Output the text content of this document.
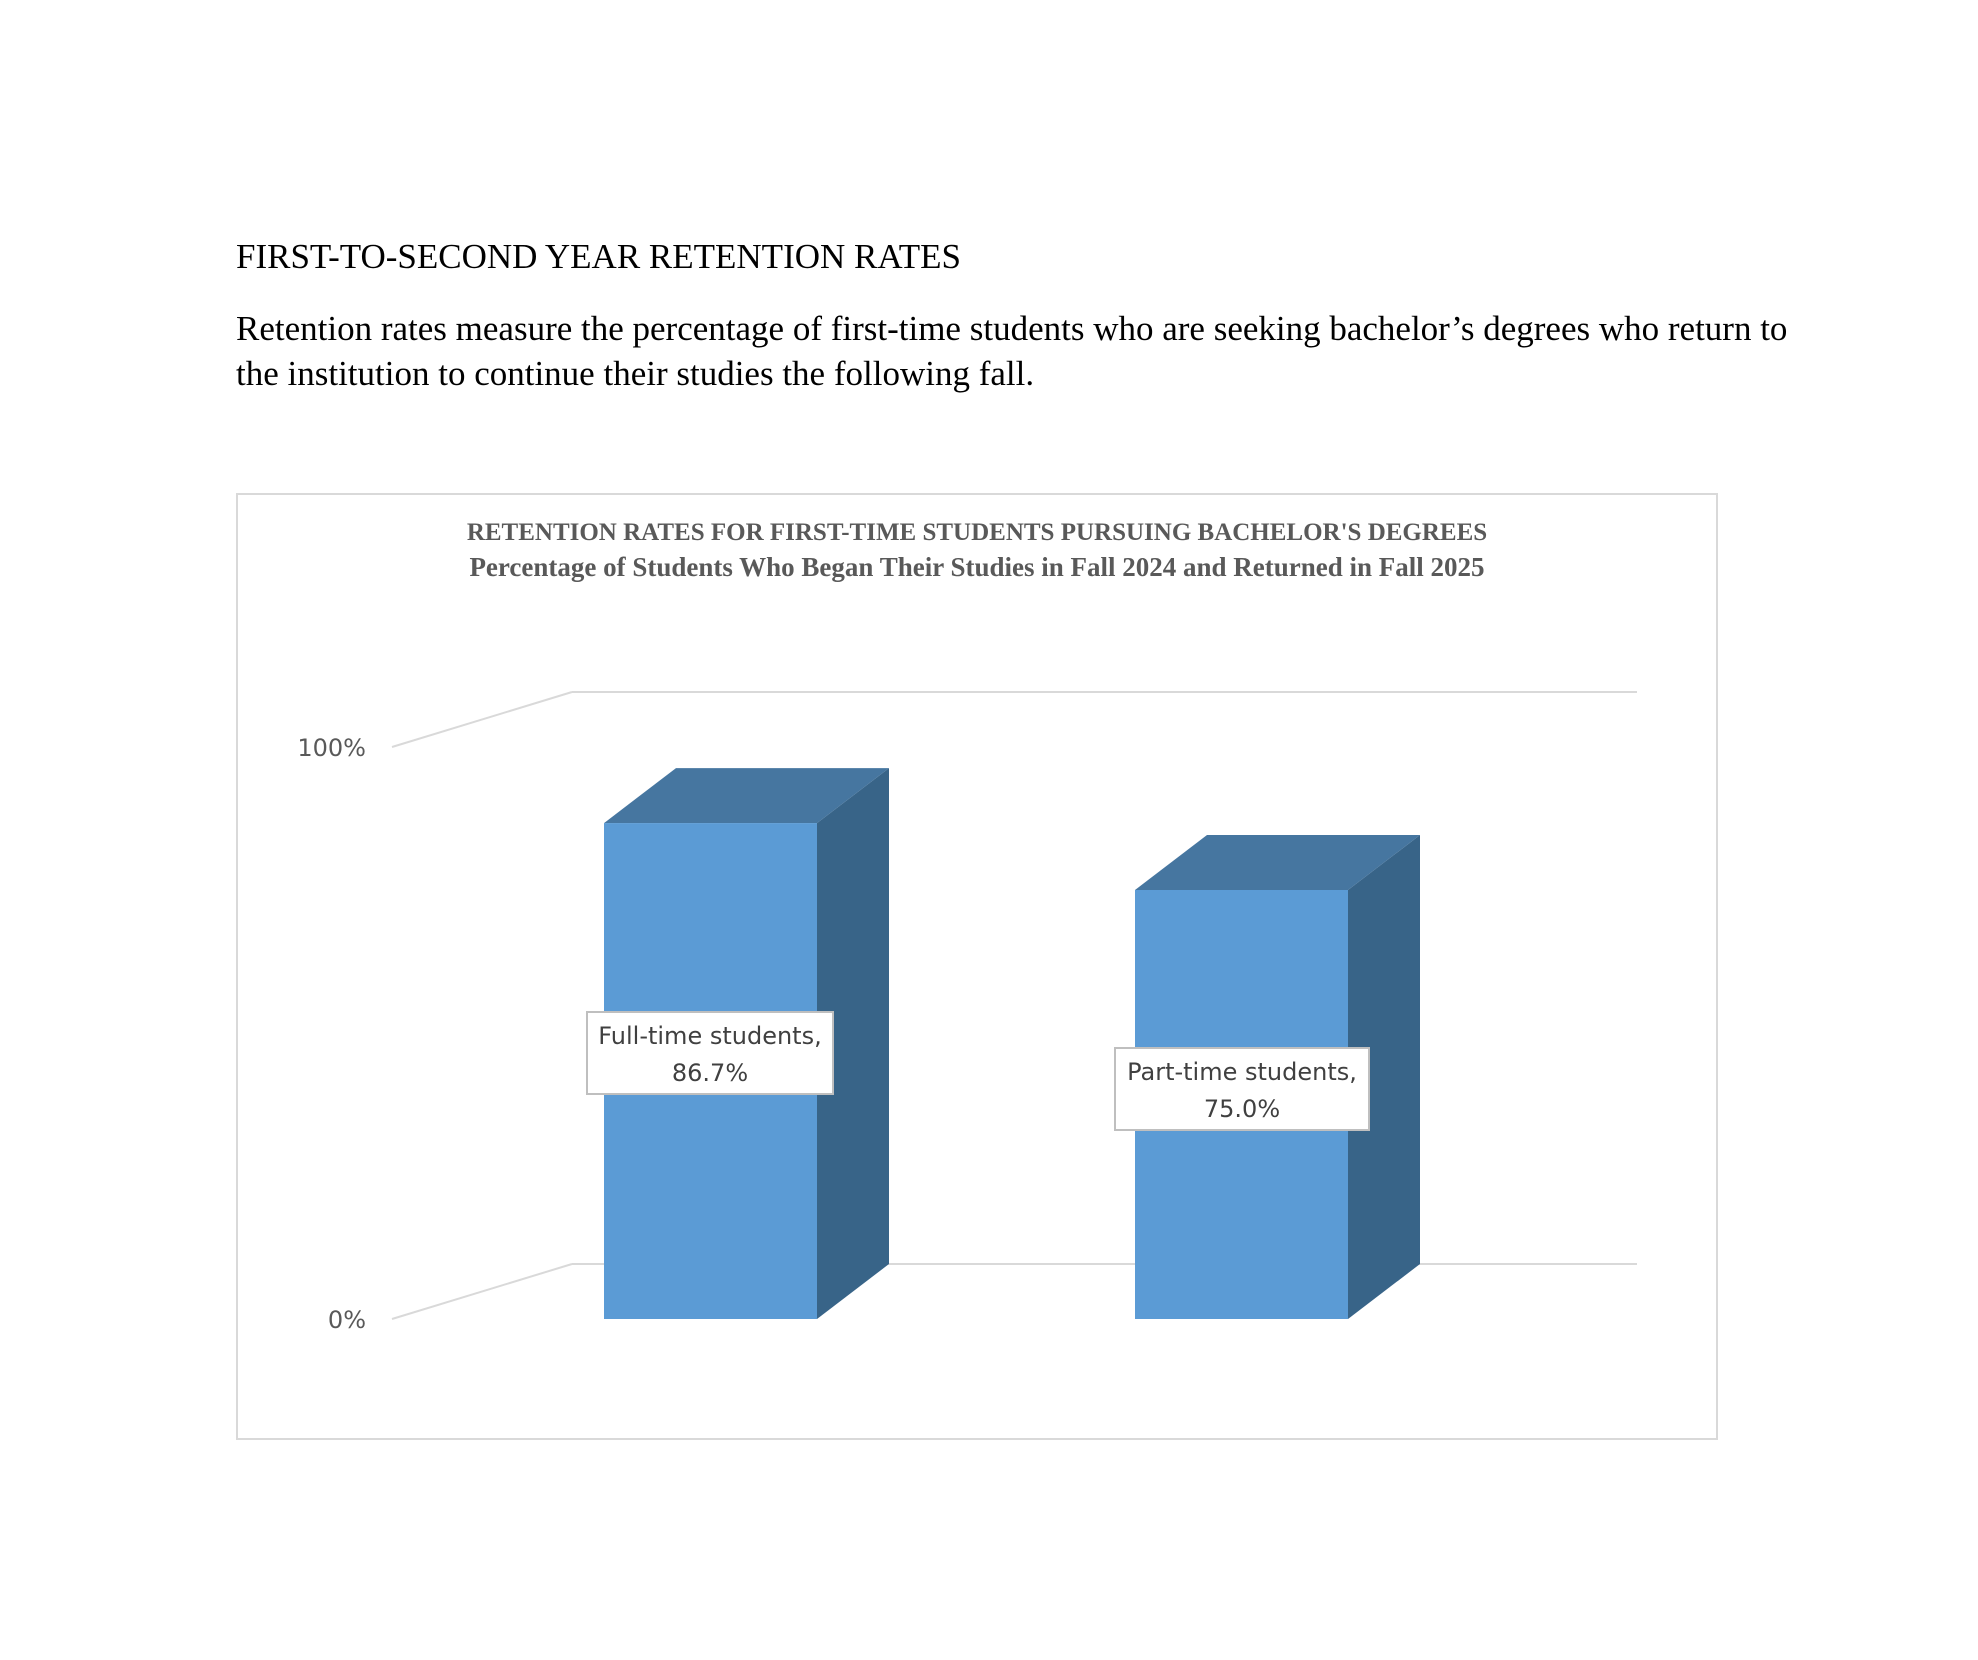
FIRST-TO-SECOND YEAR RETENTION RATES
Retention rates measure the percentage of first-time students who are seeking bachelor’s degrees who return to the institution to continue their studies the following fall.
RETENTION RATES FOR FIRST-TIME STUDENTS PURSUING BACHELOR'S DEGREES
Percentage of Students Who Began Their Studies in Fall 2024 and Returned in Fall 2025
0%
100%
Full-time students,
86.7%	Part-time students,
75.0%
